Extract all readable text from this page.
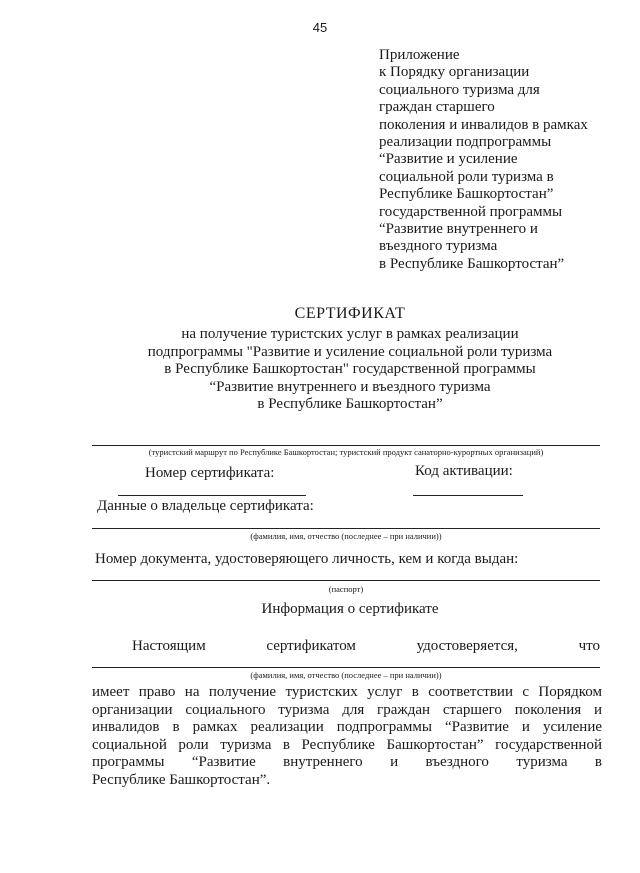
45
Приложение
к Порядку организации
социального туризма для
граждан старшего
поколения и инвалидов в рамках
реализации подпрограммы
“Развитие и усиление
социальной роли туризма в
Республике Башкортостан”
государственной программы
“Развитие внутреннего и
въездного туризма
в Республике Башкортостан”
СЕРТИФИКАТ
на получение туристских услуг в рамках реализации
подпрограммы "Развитие и усиление социальной роли туризма
в Республике Башкортостан" государственной программы
“Развитие внутреннего и въездного туризма
в Республике Башкортостан”
(туристский маршрут по Республике Башкортостан; туристский продукт санаторно-курортных организаций)
Номер сертификата:	Код активации:
Данные о владельце сертификата:
(фамилия, имя, отчество (последнее – при наличии))
Номер документа, удостоверяющего личность, кем и когда выдан:
(паспорт)
Информация о сертификате
Настоящим	сертификатом	удостоверяется,	что
(фамилия, имя, отчество (последнее – при наличии))
имеет право на получение туристских услуг в соответствии с Порядком
организации социального туризма для граждан старшего поколения и
инвалидов в рамках реализации подпрограммы “Развитие и усиление
социальной роли туризма в Республике Башкортостан” государственной
программы “Развитие внутреннего и въездного туризма в
Республике Башкортостан”.
